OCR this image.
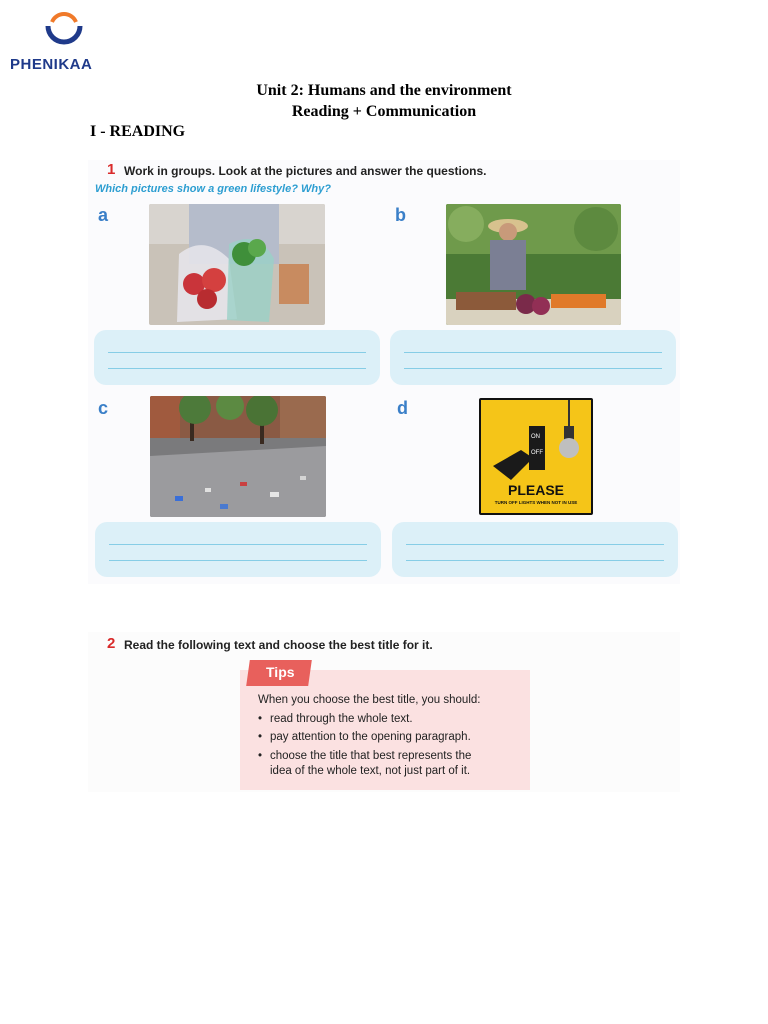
PHENIKAA
Unit 2: Humans and the environment
Reading + Communication
I - READING
1 Work in groups. Look at the pictures and answer the questions.
Which pictures show a green lifestyle? Why?
a	b
c	d
ON
OFF
PLEASE
TURN OFF LIGHTS WHEN NOT IN USE
2 Read the following text and choose the best title for it.
Tips
When you choose the best title, you should:
• read through the whole text.
• pay attention to the opening paragraph.
• choose the title that best represents the
idea of the whole text, not just part of it.
